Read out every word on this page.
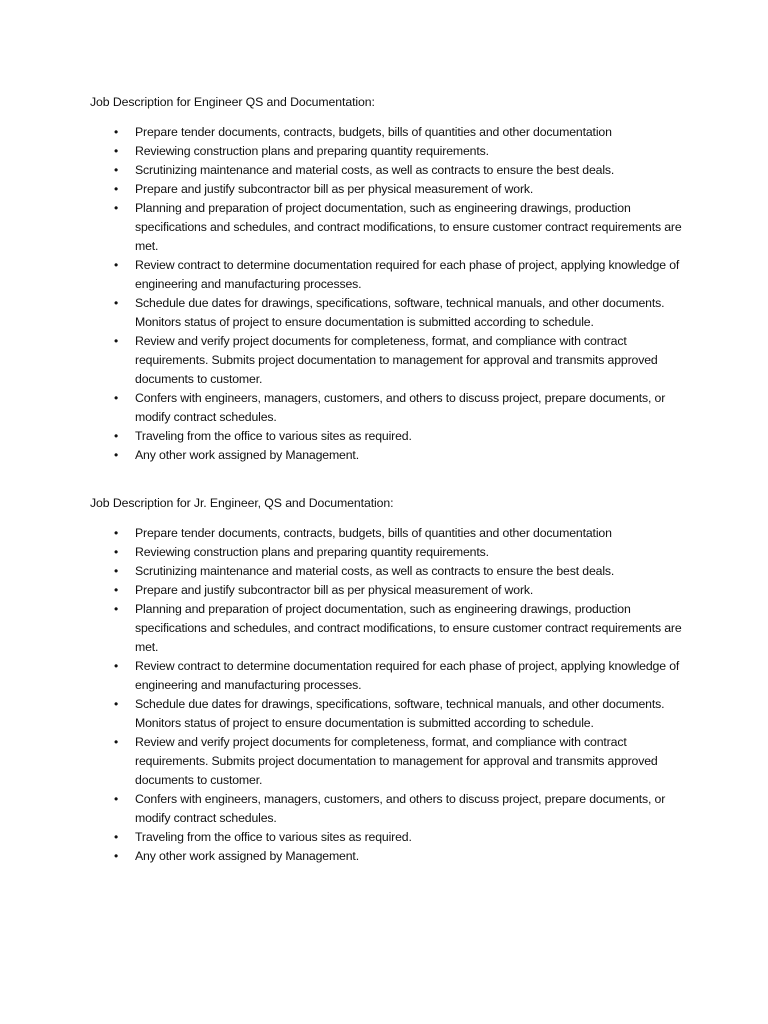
Job Description for Engineer QS and Documentation:
• Prepare tender documents, contracts, budgets, bills of quantities and other documentation
• Reviewing construction plans and preparing quantity requirements.
• Scrutinizing maintenance and material costs, as well as contracts to ensure the best deals.
• Prepare and justify subcontractor bill as per physical measurement of work.
• Planning and preparation of project documentation, such as engineering drawings, production specifications and schedules, and contract modifications, to ensure customer contract requirements are met.
• Review contract to determine documentation required for each phase of project, applying knowledge of engineering and manufacturing processes.
• Schedule due dates for drawings, specifications, software, technical manuals, and other documents. Monitors status of project to ensure documentation is submitted according to schedule.
• Review and verify project documents for completeness, format, and compliance with contract requirements. Submits project documentation to management for approval and transmits approved documents to customer.
• Confers with engineers, managers, customers, and others to discuss project, prepare documents, or modify contract schedules.
• Traveling from the office to various sites as required.
• Any other work assigned by Management.
Job Description for Jr. Engineer, QS and Documentation:
• Prepare tender documents, contracts, budgets, bills of quantities and other documentation
• Reviewing construction plans and preparing quantity requirements.
• Scrutinizing maintenance and material costs, as well as contracts to ensure the best deals.
• Prepare and justify subcontractor bill as per physical measurement of work.
• Planning and preparation of project documentation, such as engineering drawings, production specifications and schedules, and contract modifications, to ensure customer contract requirements are met.
• Review contract to determine documentation required for each phase of project, applying knowledge of engineering and manufacturing processes.
• Schedule due dates for drawings, specifications, software, technical manuals, and other documents. Monitors status of project to ensure documentation is submitted according to schedule.
• Review and verify project documents for completeness, format, and compliance with contract requirements. Submits project documentation to management for approval and transmits approved documents to customer.
• Confers with engineers, managers, customers, and others to discuss project, prepare documents, or modify contract schedules.
• Traveling from the office to various sites as required.
• Any other work assigned by Management.
